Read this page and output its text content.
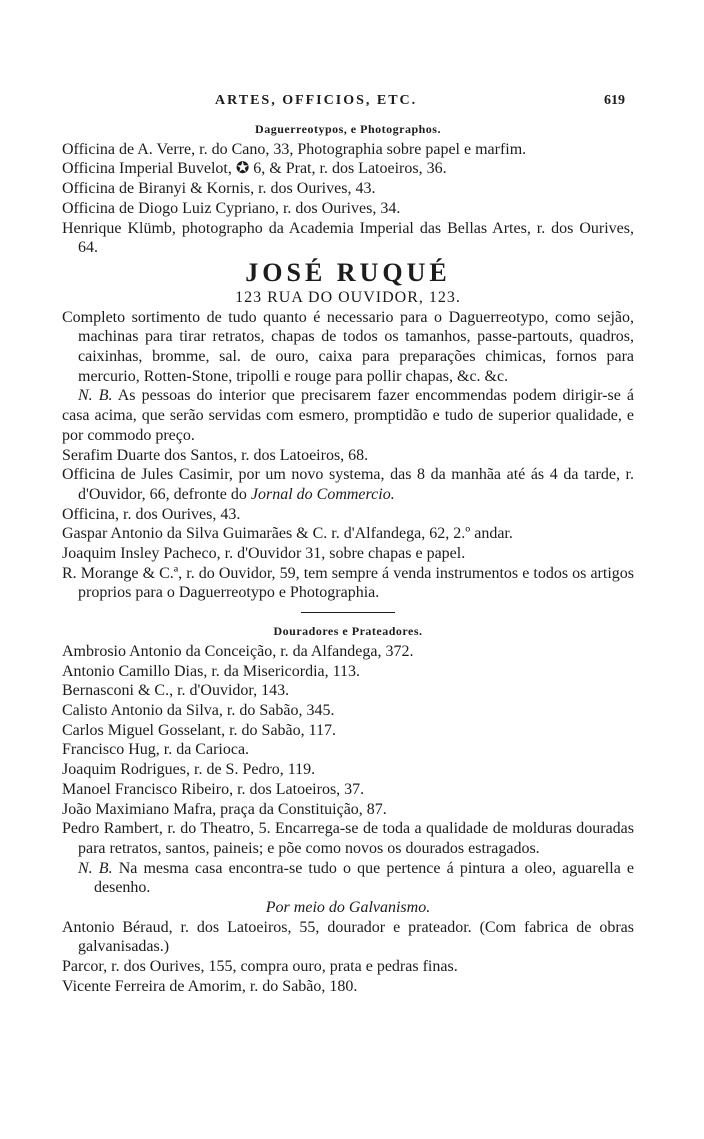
ARTES, OFFICIOS, ETC.	619

Daguerreotypos, e Photographos.

Officina de A. Verre, r. do Cano, 33, Photographia sobre papel e marfim.

Officina Imperial Buvelot, ✪ 6, & Prat, r. dos Latoeiros, 36.

Officina de Biranyi & Kornis, r. dos Ourives, 43.

Officina de Diogo Luiz Cypriano, r. dos Ourives, 34.

Henrique Klümb, photographo da Academia Imperial das Bellas Artes, r. dos Ourives, 64.

JOSÉ RUQUÉ

123 RUA DO OUVIDOR, 123.

Completo sortimento de tudo quanto é necessario para o Daguerreotypo, como sejão, machinas para tirar retratos, chapas de todos os tamanhos, passe-partouts, quadros, caixinhas, bromme, sal. de ouro, caixa para preparações chimicas, fornos para mercurio, Rotten-Stone, tripolli e rouge para pollir chapas, &c. &c.

N. B. As pessoas do interior que precisarem fazer encommendas podem dirigir-se á casa acima, que serão servidas com esmero, promptidão e tudo de superior qualidade, e por commodo preço.

Serafim Duarte dos Santos, r. dos Latoeiros, 68.

Officina de Jules Casimir, por um novo systema, das 8 da manhãa até ás 4 da tarde, r. d'Ouvidor, 66, defronte do Jornal do Commercio.

Officina, r. dos Ourives, 43.

Gaspar Antonio da Silva Guimarães & C. r. d'Alfandega, 62, 2.º andar.

Joaquim Insley Pacheco, r. d'Ouvidor 31, sobre chapas e papel.

R. Morange & C.ª, r. do Ouvidor, 59, tem sempre á venda instrumentos e todos os artigos proprios para o Daguerreotypo e Photographia.

Douradores e Prateadores.

Ambrosio Antonio da Conceição, r. da Alfandega, 372.

Antonio Camillo Dias, r. da Misericordia, 113.

Bernasconi & C., r. d'Ouvidor, 143.

Calisto Antonio da Silva, r. do Sabão, 345.

Carlos Miguel Gosselant, r. do Sabão, 117.

Francisco Hug, r. da Carioca.

Joaquim Rodrigues, r. de S. Pedro, 119.

Manoel Francisco Ribeiro, r. dos Latoeiros, 37.

João Maximiano Mafra, praça da Constituição, 87.

Pedro Rambert, r. do Theatro, 5. Encarrega-se de toda a qualidade de molduras douradas para retratos, santos, paineis; e põe como novos os dourados estragados.

N. B. Na mesma casa encontra-se tudo o que pertence á pintura a oleo, aguarella e desenho.

Por meio do Galvanismo.

Antonio Béraud, r. dos Latoeiros, 55, dourador e prateador. (Com fabrica de obras galvanisadas.)

Parcor, r. dos Ourives, 155, compra ouro, prata e pedras finas.

Vicente Ferreira de Amorim, r. do Sabão, 180.
